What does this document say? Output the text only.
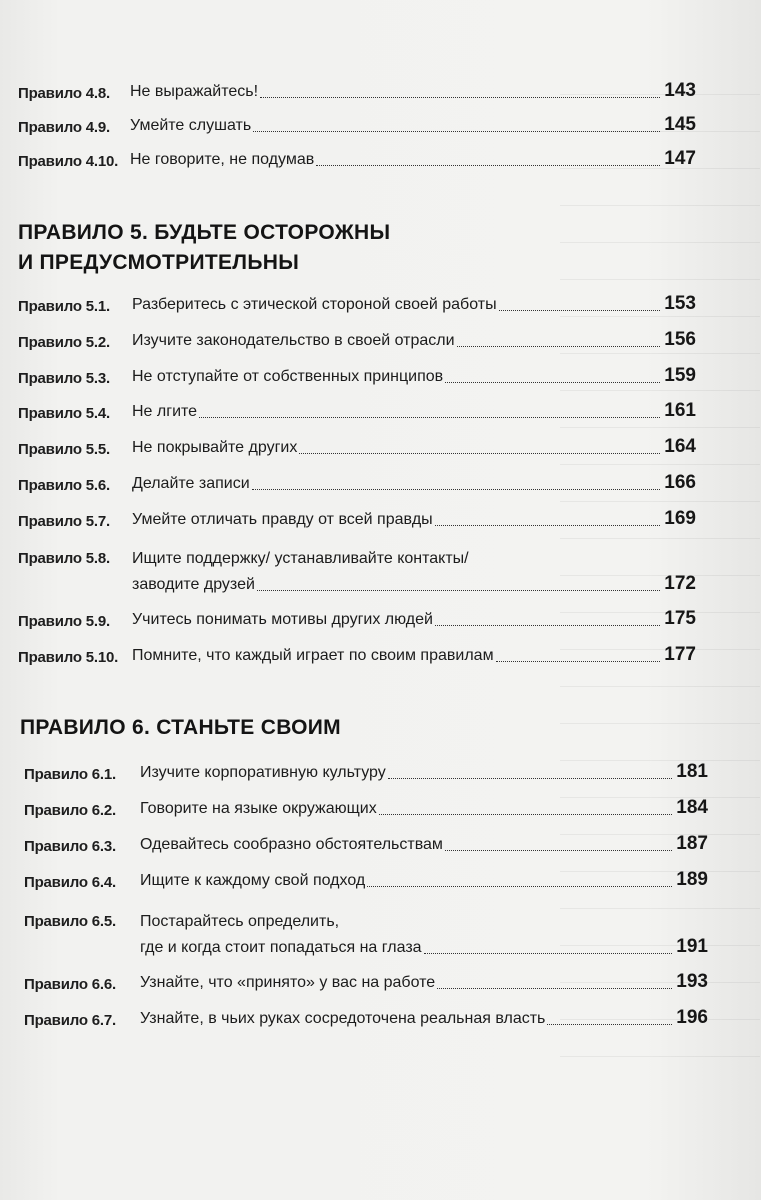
Правило 4.8.	Не выражайтесь!	143
Правило 4.9.	Умейте слушать	145
Правило 4.10. Не говорите, не подумав	147
ПРАВИЛО 5. БУДЬТЕ ОСТОРОЖНЫ
И ПРЕДУСМОТРИТЕЛЬНЫ
Правило 5.1.	Разберитесь с этической стороной своей работы	153
Правило 5.2.	Изучите законодательство в своей отрасли	156
Правило 5.3.	Не отступайте от собственных принципов	159
Правило 5.4.	Не лгите	161
Правило 5.5.	Не покрывайте других	164
Правило 5.6.	Делайте записи	166
Правило 5.7.	Умейте отличать правду от всей правды	169
Правило 5.8.	Ищите поддержку/ устанавливайте контакты/
заводите друзей	172
Правило 5.9.	Учитесь понимать мотивы других людей	175
Правило 5.10. Помните, что каждый играет по своим правилам	177
ПРАВИЛО 6. СТАНЬТЕ СВОИМ
Правило 6.1.	Изучите корпоративную культуру	181
Правило 6.2.	Говорите на языке окружающих	184
Правило 6.3.	Одевайтесь сообразно обстоятельствам	187
Правило 6.4.	Ищите к каждому свой подход	189
Правило 6.5.	Постарайтесь определить,
где и когда стоит попадаться на глаза	191
Правило 6.6.	Узнайте, что «принято» у вас на работе	193
Правило 6.7.	Узнайте, в чьих руках сосредоточена реальная власть	196
